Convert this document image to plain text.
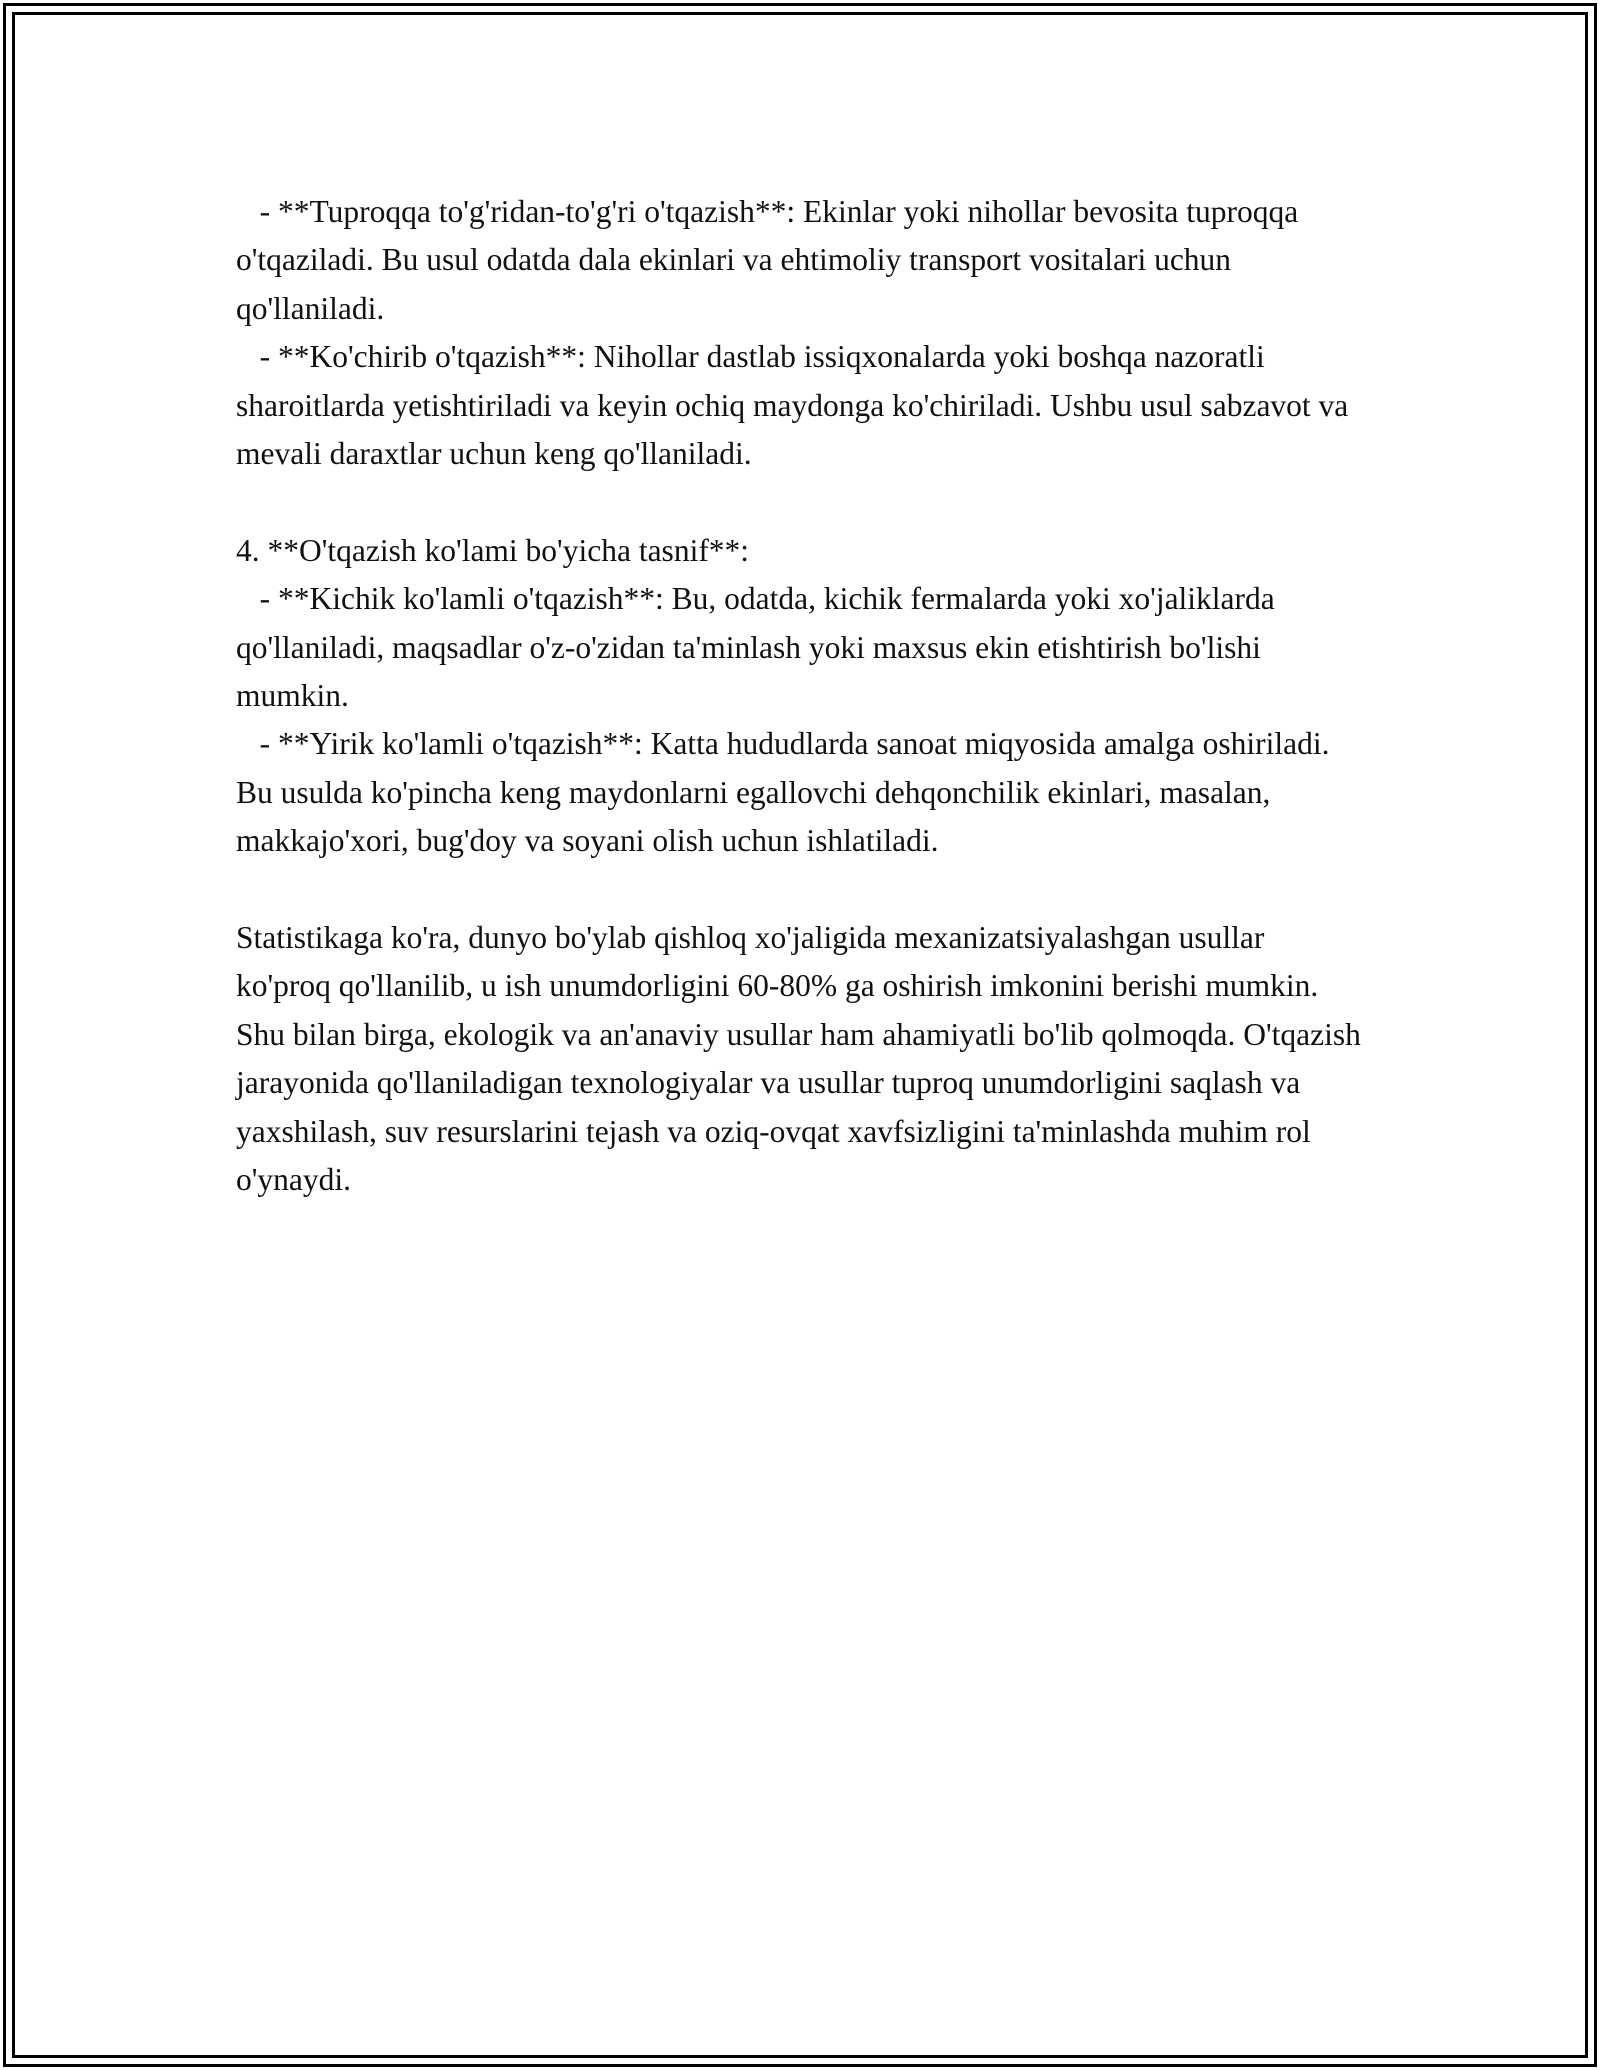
- **Tuproqqa to'g'ridan-to'g'ri o'tqazish**: Ekinlar yoki nihollar bevosita tuproqqa o'tqaziladi. Bu usul odatda dala ekinlari va ehtimoliy transport vositalari uchun qo'llaniladi.

- **Ko'chirib o'tqazish**: Nihollar dastlab issiqxonalarda yoki boshqa nazoratli sharoitlarda yetishtiriladi va keyin ochiq maydonga ko'chiriladi. Ushbu usul sabzavot va mevali daraxtlar uchun keng qo'llaniladi.

4. **O'tqazish ko'lami bo'yicha tasnif**:

- **Kichik ko'lamli o'tqazish**: Bu, odatda, kichik fermalarda yoki xo'jaliklarda qo'llaniladi, maqsadlar o'z-o'zidan ta'minlash yoki maxsus ekin etishtirish bo'lishi mumkin.

- **Yirik ko'lamli o'tqazish**: Katta hududlarda sanoat miqyosida amalga oshiriladi. Bu usulda ko'pincha keng maydonlarni egallovchi dehqonchilik ekinlari, masalan, makkajo'xori, bug'doy va soyani olish uchun ishlatiladi.

Statistikaga ko'ra, dunyo bo'ylab qishloq xo'jaligida mexanizatsiyalashgan usullar ko'proq qo'llanilib, u ish unumdorligini 60-80% ga oshirish imkonini berishi mumkin. Shu bilan birga, ekologik va an'anaviy usullar ham ahamiyatli bo'lib qolmoqda. O'tqazish jarayonida qo'llaniladigan texnologiyalar va usullar tuproq unumdorligini saqlash va yaxshilash, suv resurslarini tejash va oziq-ovqat xavfsizligini ta'minlashda muhim rol o'ynaydi.
